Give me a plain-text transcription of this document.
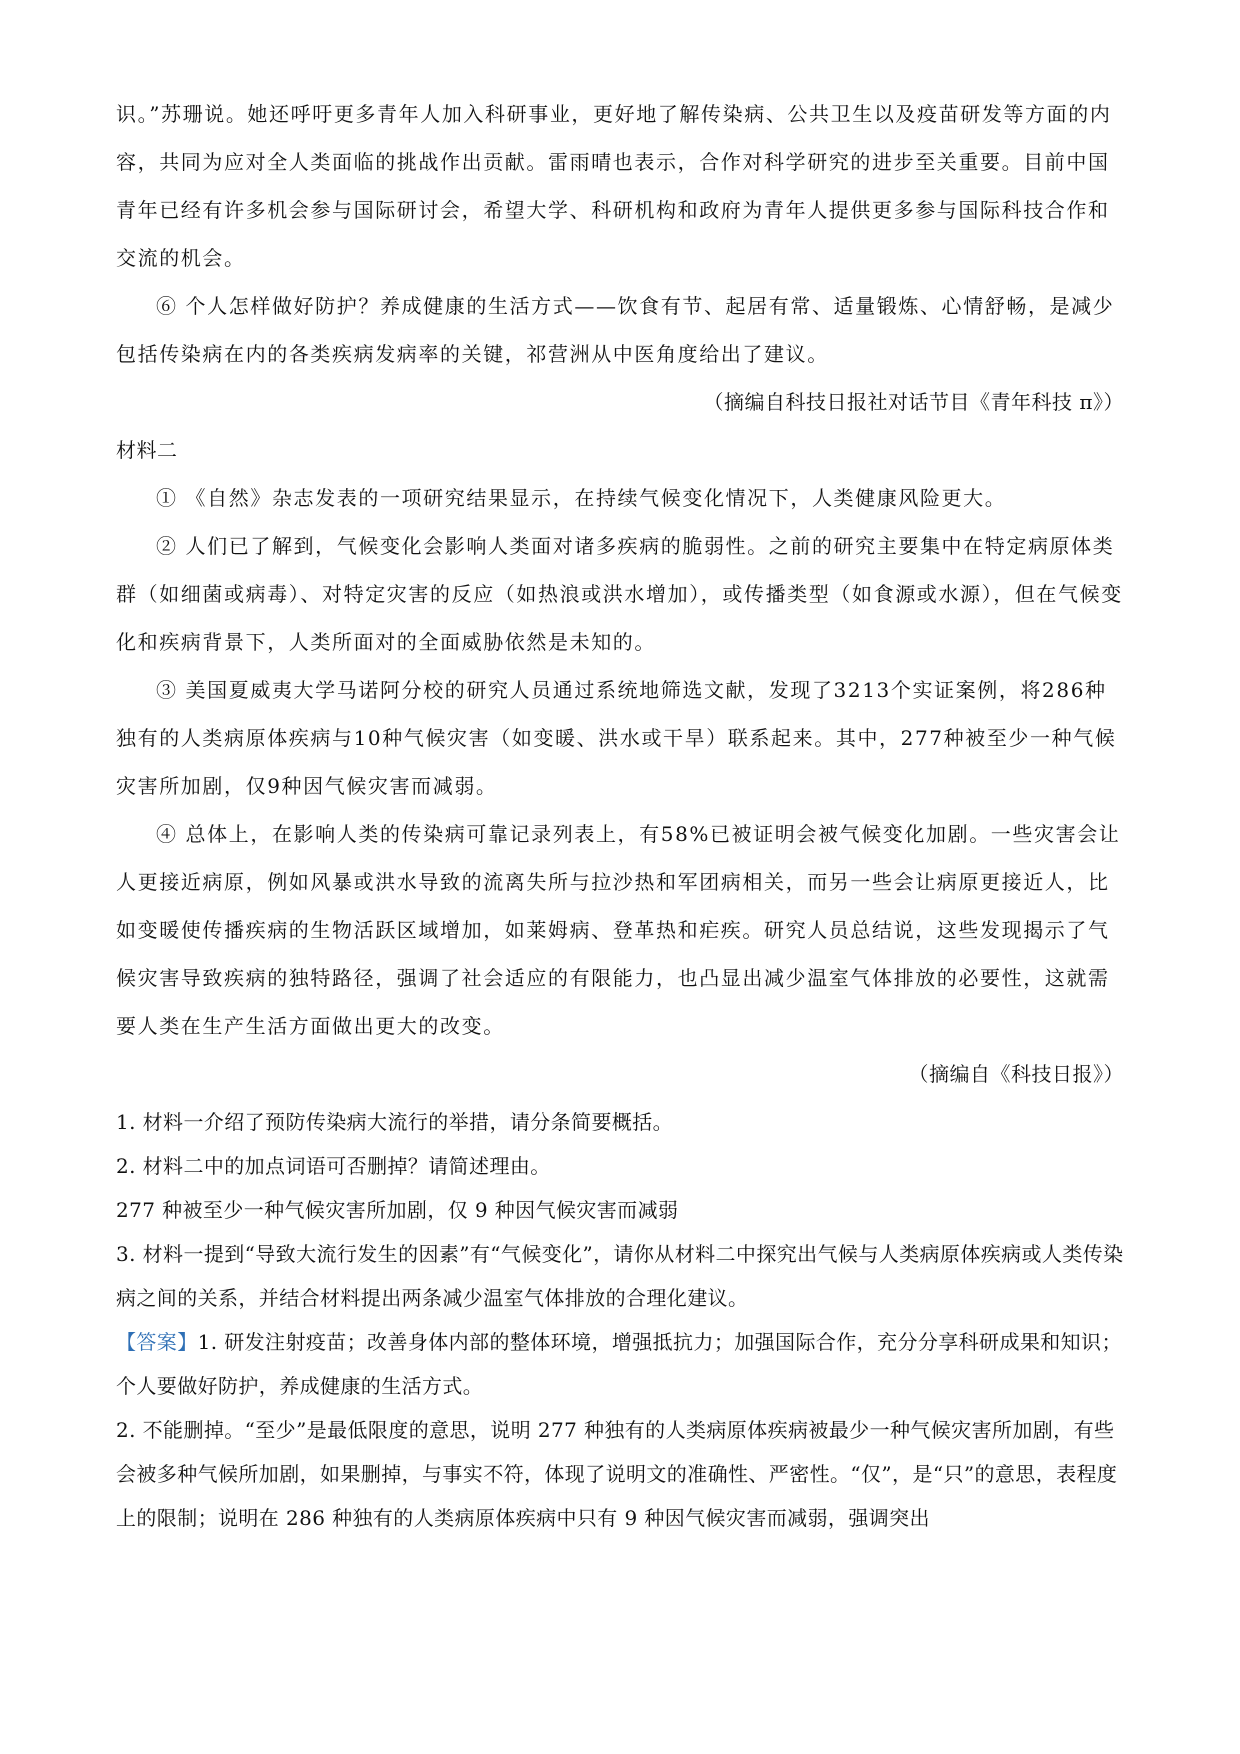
识。”苏珊说。她还呼吁更多青年人加入科研事业，更好地了解传染病、公共卫生以及疫苗研发等方面的内容，共同为应对全人类面临的挑战作出贡献。雷雨晴也表示，合作对科学研究的进步至关重要。目前中国青年已经有许多机会参与国际研讨会，希望大学、科研机构和政府为青年人提供更多参与国际科技合作和交流的机会。

⑥ 个人怎样做好防护？养成健康的生活方式——饮食有节、起居有常、适量锻炼、心情舒畅，是减少包括传染病在内的各类疾病发病率的关键，祁营洲从中医角度给出了建议。

（摘编自科技日报社对话节目《青年科技 π》）

材料二

① 《自然》杂志发表的一项研究结果显示，在持续气候变化情况下，人类健康风险更大。

② 人们已了解到，气候变化会影响人类面对诸多疾病的脆弱性。之前的研究主要集中在特定病原体类群（如细菌或病毒）、对特定灾害的反应（如热浪或洪水增加），或传播类型（如食源或水源），但在气候变化和疾病背景下，人类所面对的全面威胁依然是未知的。

③ 美国夏威夷大学马诺阿分校的研究人员通过系统地筛选文献，发现了3213个实证案例，将286种独有的人类病原体疾病与10种气候灾害（如变暖、洪水或干旱）联系起来。其中，277种被至少一种气候灾害所加剧，仅9种因气候灾害而减弱。

④ 总体上，在影响人类的传染病可靠记录列表上，有58%已被证明会被气候变化加剧。一些灾害会让人更接近病原，例如风暴或洪水导致的流离失所与拉沙热和军团病相关，而另一些会让病原更接近人，比如变暖使传播疾病的生物活跃区域增加，如莱姆病、登革热和疟疾。研究人员总结说，这些发现揭示了气候灾害导致疾病的独特路径，强调了社会适应的有限能力，也凸显出减少温室气体排放的必要性，这就需要人类在生产生活方面做出更大的改变。

（摘编自《科技日报》）

1. 材料一介绍了预防传染病大流行的举措，请分条简要概括。

2. 材料二中的加点词语可否删掉？请简述理由。

277 种被至少一种气候灾害所加剧，仅 9 种因气候灾害而减弱

3. 材料一提到“导致大流行发生的因素”有“气候变化”，请你从材料二中探究出气候与人类病原体疾病或人类传染病之间的关系，并结合材料提出两条减少温室气体排放的合理化建议。

【答案】1. 研发注射疫苗；改善身体内部的整体环境，增强抵抗力；加强国际合作，充分分享科研成果和知识；个人要做好防护，养成健康的生活方式。

2. 不能删掉。“至少”是最低限度的意思，说明 277 种独有的人类病原体疾病被最少一种气候灾害所加剧，有些会被多种气候所加剧，如果删掉，与事实不符，体现了说明文的准确性、严密性。“仅”，是“只”的意思，表程度上的限制；说明在 286 种独有的人类病原体疾病中只有 9 种因气候灾害而减弱，强调突出
